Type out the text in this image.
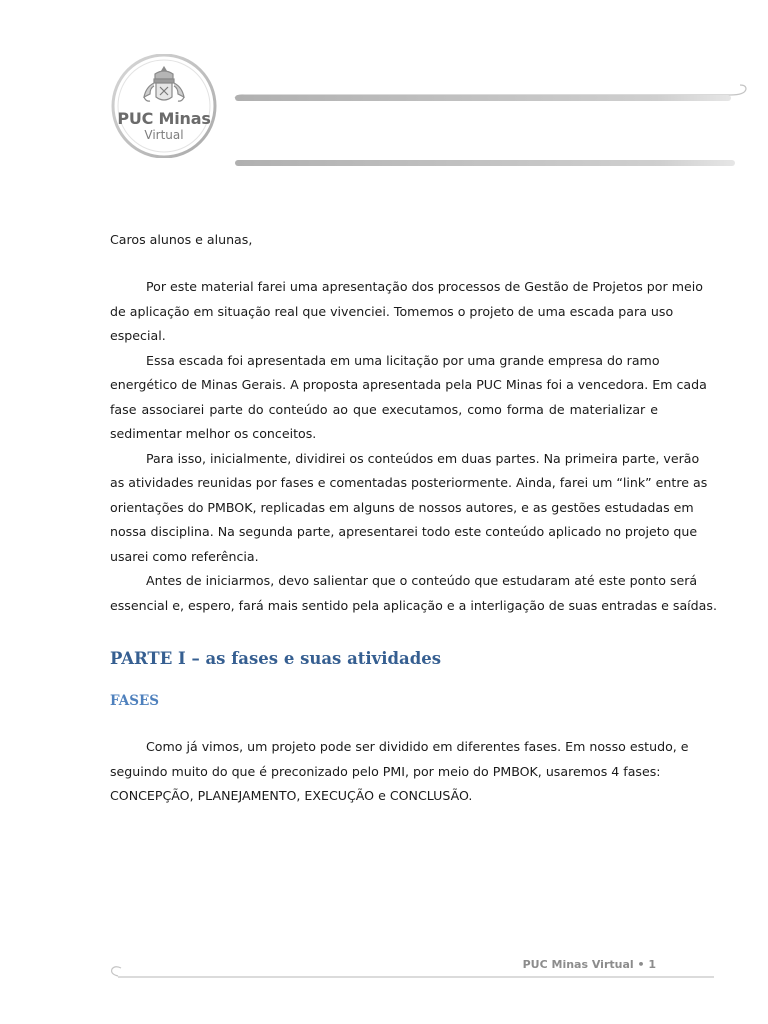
PUC Minas
Virtual
Caros alunos e alunas,
Por este material farei uma apresentação dos processos de Gestão de Projetos por meio
de aplicação em situação real que vivenciei. Tomemos o projeto de uma escada para uso
especial.
Essa escada foi apresentada em uma licitação por uma grande empresa do ramo
energético de Minas Gerais. A proposta apresentada pela PUC Minas foi a vencedora. Em cada
fase associarei parte do conteúdo ao que executamos, como forma de materializar e
sedimentar melhor os conceitos.
Para isso, inicialmente, dividirei os conteúdos em duas partes. Na primeira parte, verão
as atividades reunidas por fases e comentadas posteriormente. Ainda, farei um “link” entre as
orientações do PMBOK, replicadas em alguns de nossos autores, e as gestões estudadas em
nossa disciplina. Na segunda parte, apresentarei todo este conteúdo aplicado no projeto que
usarei como referência.
Antes de iniciarmos, devo salientar que o conteúdo que estudaram até este ponto será
essencial e, espero, fará mais sentido pela aplicação e a interligação de suas entradas e saídas.
PARTE I – as fases e suas atividades
FASES
Como já vimos, um projeto pode ser dividido em diferentes fases. Em nosso estudo, e
seguindo muito do que é preconizado pelo PMI, por meio do PMBOK, usaremos 4 fases:
CONCEPÇÃO, PLANEJAMENTO, EXECUÇÃO e CONCLUSÃO.
PUC Minas Virtual • 1
